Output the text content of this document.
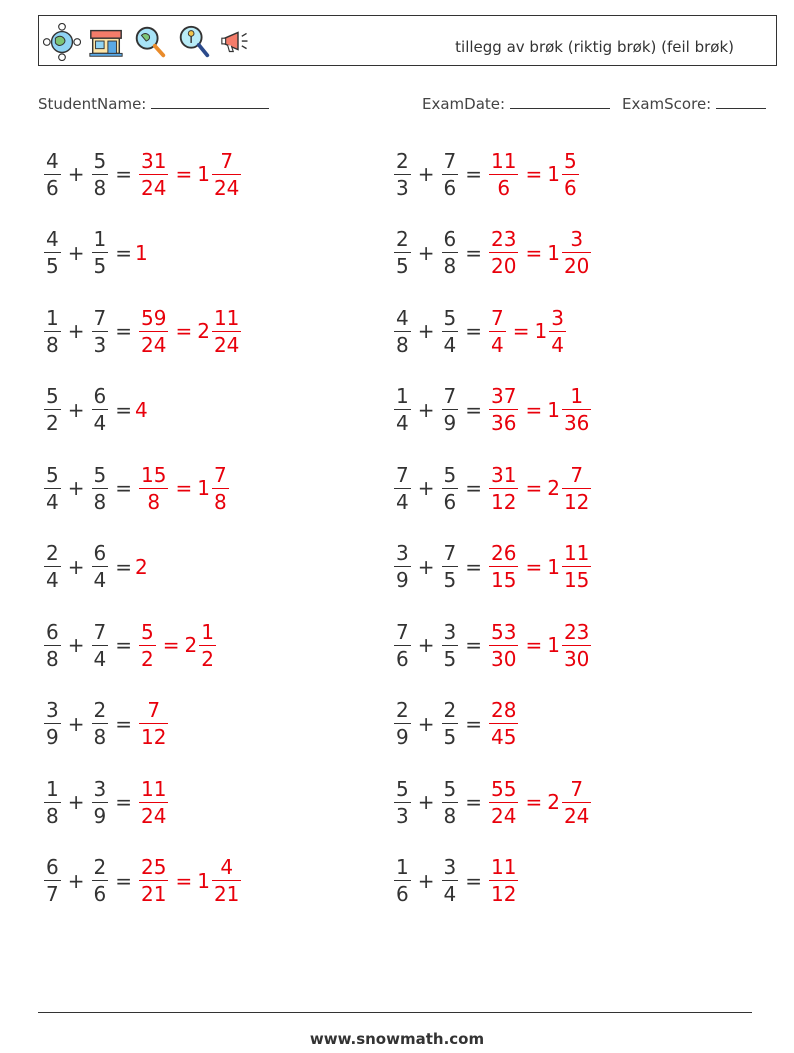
tillegg av brøk (riktig brøk) (feil brøk)
StudentName:	ExamDate:	ExamScore:
$\frac{4}{6} + \frac{5}{8} = \frac{31}{24} = 1 \frac{7}{24}$	$\frac{2}{3} + \frac{7}{6} = \frac{11}{6} = 1 \frac{5}{6}$
$\frac{4}{5} + \frac{1}{5} = 1$	$\frac{2}{5} + \frac{6}{8} = \frac{23}{20} = 1 \frac{3}{20}$
$\frac{1}{8} + \frac{7}{3} = \frac{59}{24} = 2 \frac{11}{24}$	$\frac{4}{8} + \frac{5}{4} = \frac{7}{4} = 1 \frac{3}{4}$
$\frac{5}{2} + \frac{6}{4} = 4$	$\frac{1}{4} + \frac{7}{9} = \frac{37}{36} = 1 \frac{1}{36}$
$\frac{5}{4} + \frac{5}{8} = \frac{15}{8} = 1 \frac{7}{8}$	$\frac{7}{4} + \frac{5}{6} = \frac{31}{12} = 2 \frac{7}{12}$
$\frac{2}{4} + \frac{6}{4} = 2$	$\frac{3}{9} + \frac{7}{5} = \frac{26}{15} = 1 \frac{11}{15}$
$\frac{6}{8} + \frac{7}{4} = \frac{5}{2} = 2 \frac{1}{2}$	$\frac{7}{6} + \frac{3}{5} = \frac{53}{30} = 1 \frac{23}{30}$
$\frac{3}{9} + \frac{2}{8} = \frac{7}{12}$	$\frac{2}{9} + \frac{2}{5} = \frac{28}{45}$
$\frac{1}{8} + \frac{3}{9} = \frac{11}{24}$	$\frac{5}{3} + \frac{5}{8} = \frac{55}{24} = 2 \frac{7}{24}$
$\frac{6}{7} + \frac{2}{6} = \frac{25}{21} = 1 \frac{4}{21}$	$\frac{1}{6} + \frac{3}{4} = \frac{11}{12}$
www.snowmath.com
